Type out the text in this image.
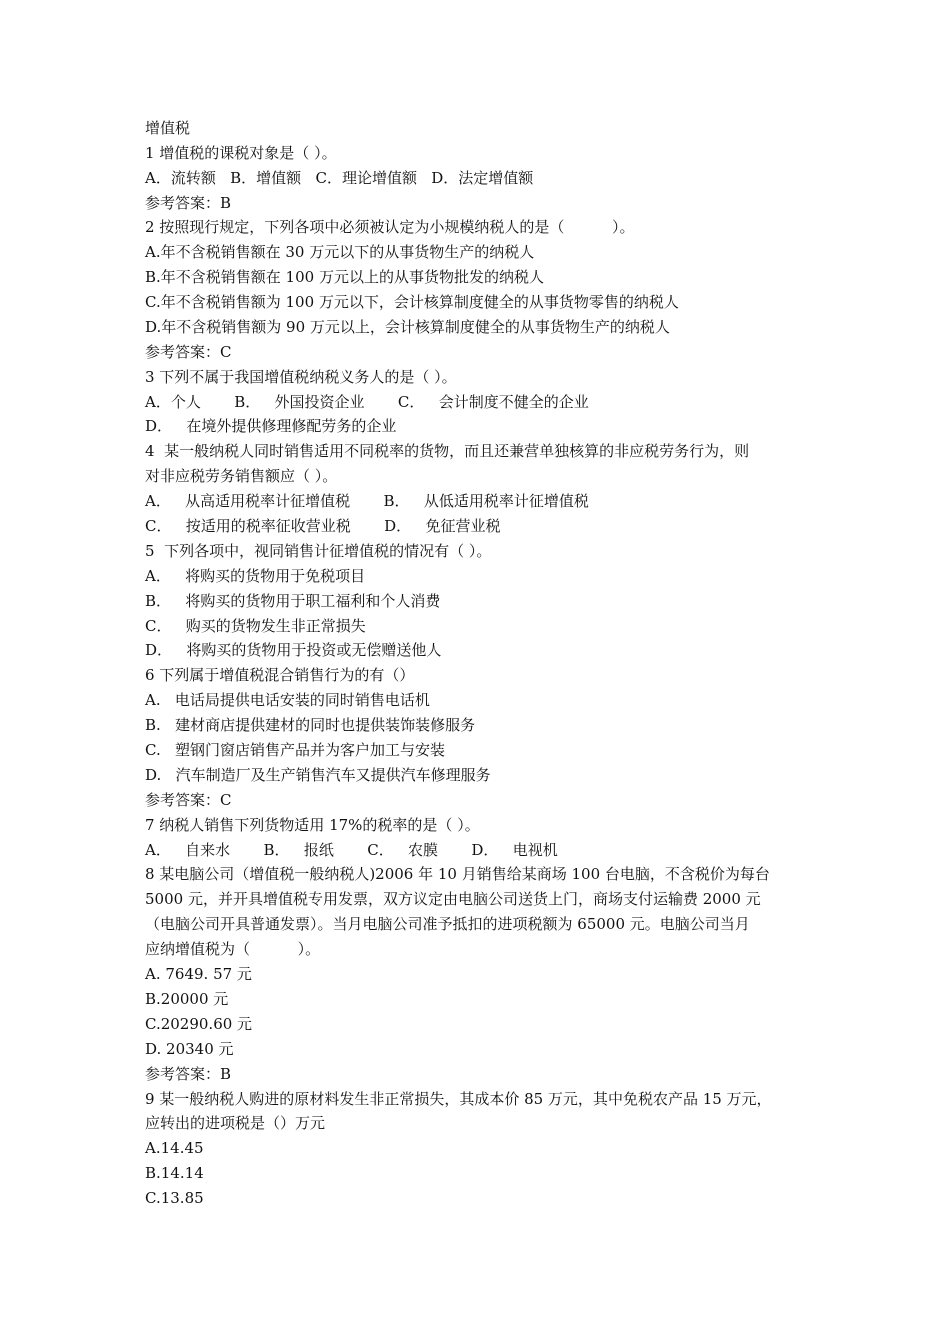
增值税
1 增值税的课税对象是（ ）。
A．流转额   B．增值额   C．理论增值额   D．法定增值额
参考答案：B
2 按照现行规定，下列各项中必须被认定为小规模纳税人的是（          ）。
A.年不含税销售额在 30 万元以下的从事货物生产的纳税人
B.年不含税销售额在 100 万元以上的从事货物批发的纳税人
C.年不含税销售额为 100 万元以下，会计核算制度健全的从事货物零售的纳税人
D.年不含税销售额为 90 万元以上，会计核算制度健全的从事货物生产的纳税人
参考答案：C
3 下列不属于我国增值税纳税义务人的是（ ）。
A．个人       B．   外国投资企业       C．   会计制度不健全的企业
D．   在境外提供修理修配劳务的企业
4  某一般纳税人同时销售适用不同税率的货物，而且还兼营单独核算的非应税劳务行为，则
对非应税劳务销售额应（ ）。
A．   从高适用税率计征增值税       B．   从低适用税率计征增值税
C．   按适用的税率征收营业税       D．   免征营业税
5  下列各项中，视同销售计征增值税的情况有（ ）。
A．   将购买的货物用于免税项目
B．   将购买的货物用于职工福利和个人消费
C．   购买的货物发生非正常损失
D．   将购买的货物用于投资或无偿赠送他人
6 下列属于增值税混合销售行为的有（）
A.   电话局提供电话安装的同时销售电话机
B.   建材商店提供建材的同时也提供装饰装修服务
C.   塑钢门窗店销售产品并为客户加工与安装
D.   汽车制造厂及生产销售汽车又提供汽车修理服务
参考答案：C
7 纳税人销售下列货物适用 17%的税率的是（ ）。
A．   自来水       B．   报纸       C．   农膜       D．   电视机
8 某电脑公司（增值税一般纳税人)2006 年 10 月销售给某商场 100 台电脑，不含税价为每台
5000 元，并开具增值税专用发票，双方议定由电脑公司送货上门，商场支付运输费 2000 元
（电脑公司开具普通发票）。当月电脑公司准予抵扣的进项税额为 65000 元。电脑公司当月
应纳增值税为（          ）。
A. 7649. 57 元
B.20000 元
C.20290.60 元
D. 20340 元
参考答案：B
9 某一般纳税人购进的原材料发生非正常损失，其成本价 85 万元，其中免税农产品 15 万元，
应转出的进项税是（）万元
A.14.45
B.14.14
C.13.85
